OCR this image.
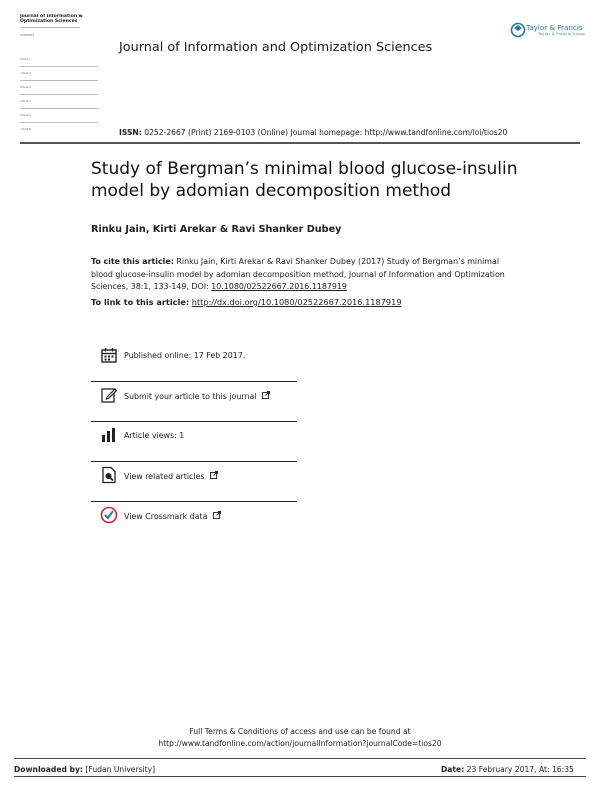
Journal of Information & Optimization Sciences
CONTENTS
Article 1
Article 2
Article 3
Article 4
Article 5
Article 6
Journal of Information and Optimization Sciences
Taylor & Francis
Taylor & Francis Group
ISSN: 0252-2667 (Print) 2169-0103 (Online) Journal homepage: http://www.tandfonline.com/loi/tios20
Study of Bergman’s minimal blood glucose-insulin model by adomian decomposition method
Rinku Jain, Kirti Arekar & Ravi Shanker Dubey
To cite this article: Rinku Jain, Kirti Arekar & Ravi Shanker Dubey (2017) Study of Bergman’s minimal blood glucose-insulin model by adomian decomposition method, Journal of Information and Optimization Sciences, 38:1, 133-149, DOI: 10.1080/02522667.2016.1187919
To link to this article: http://dx.doi.org/10.1080/02522667.2016.1187919
Published online: 17 Feb 2017.
Submit your article to this journal
Article views: 1
View related articles
View Crossmark data
Full Terms & Conditions of access and use can be found at
http://www.tandfonline.com/action/journalInformation?journalCode=tios20
Downloaded by: [Fudan University]	Date: 23 February 2017, At: 16:35
